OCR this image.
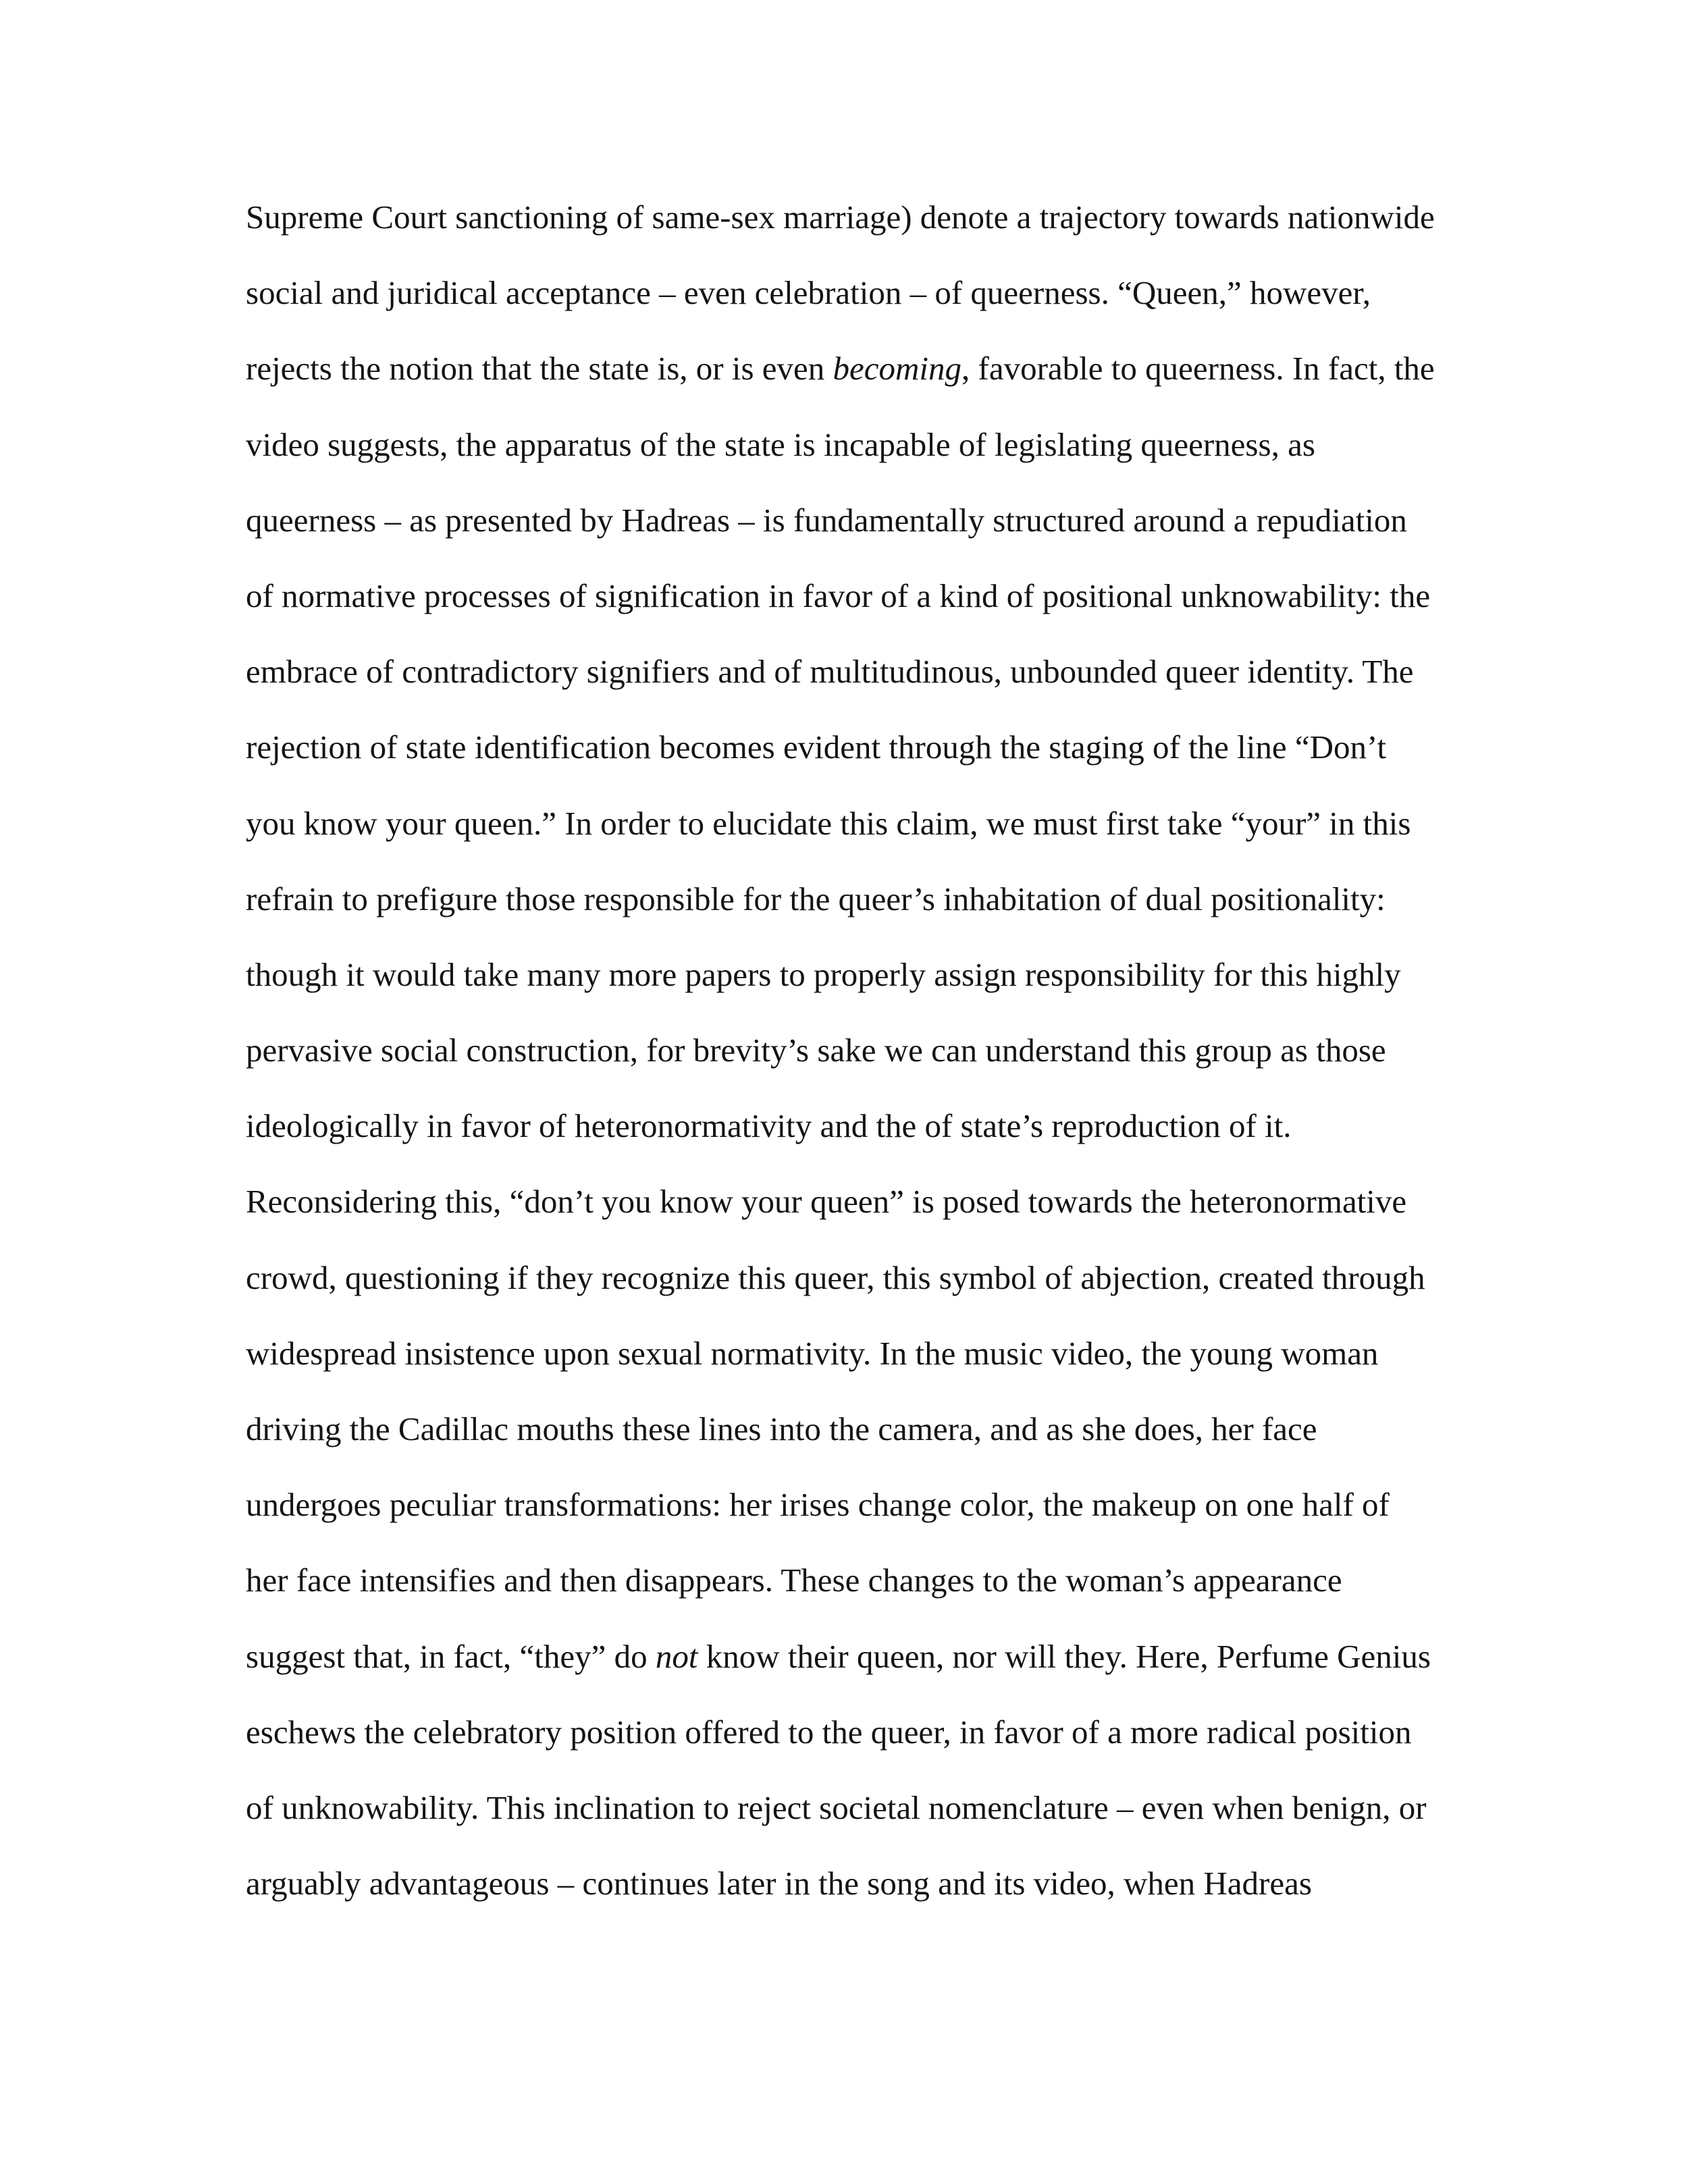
Supreme Court sanctioning of same-sex marriage) denote a trajectory towards nationwide
social and juridical acceptance – even celebration – of queerness. “Queen,” however,
rejects the notion that the state is, or is even becoming, favorable to queerness. In fact, the
video suggests, the apparatus of the state is incapable of legislating queerness, as
queerness – as presented by Hadreas – is fundamentally structured around a repudiation
of normative processes of signification in favor of a kind of positional unknowability: the
embrace of contradictory signifiers and of multitudinous, unbounded queer identity. The
rejection of state identification becomes evident through the staging of the line “Don’t
you know your queen.” In order to elucidate this claim, we must first take “your” in this
refrain to prefigure those responsible for the queer’s inhabitation of dual positionality:
though it would take many more papers to properly assign responsibility for this highly
pervasive social construction, for brevity’s sake we can understand this group as those
ideologically in favor of heteronormativity and the of state’s reproduction of it.
Reconsidering this, “don’t you know your queen” is posed towards the heteronormative
crowd, questioning if they recognize this queer, this symbol of abjection, created through
widespread insistence upon sexual normativity. In the music video, the young woman
driving the Cadillac mouths these lines into the camera, and as she does, her face
undergoes peculiar transformations: her irises change color, the makeup on one half of
her face intensifies and then disappears. These changes to the woman’s appearance
suggest that, in fact, “they” do not know their queen, nor will they. Here, Perfume Genius
eschews the celebratory position offered to the queer, in favor of a more radical position
of unknowability. This inclination to reject societal nomenclature – even when benign, or
arguably advantageous – continues later in the song and its video, when Hadreas
